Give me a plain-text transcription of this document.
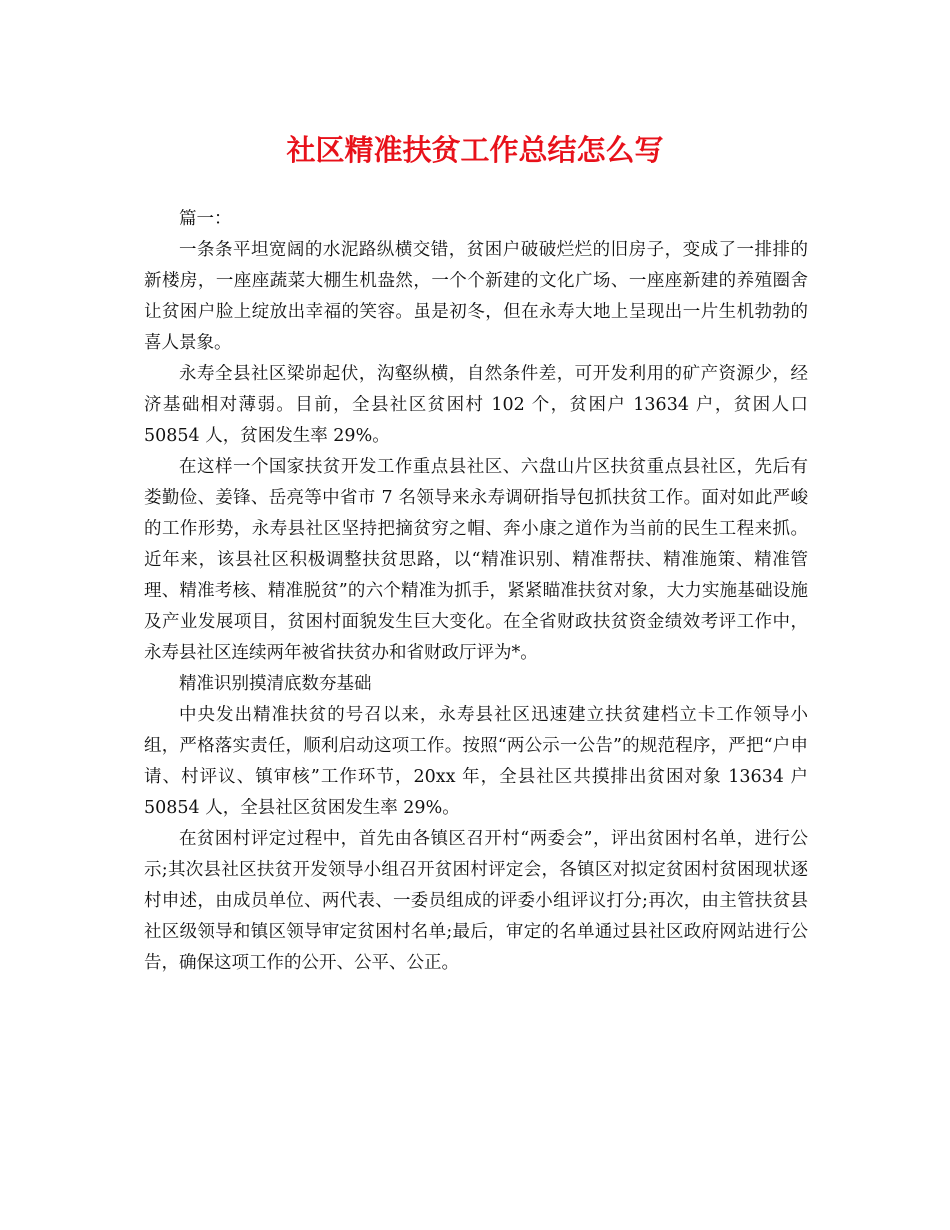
社区精准扶贫工作总结怎么写

篇一：

一条条平坦宽阔的水泥路纵横交错，贫困户破破烂烂的旧房子，变成了一排排的新楼房，一座座蔬菜大棚生机盎然，一个个新建的文化广场、一座座新建的养殖圈舍让贫困户脸上绽放出幸福的笑容。虽是初冬，但在永寿大地上呈现出一片生机勃勃的喜人景象。

永寿全县社区梁峁起伏，沟壑纵横，自然条件差，可开发利用的矿产资源少，经济基础相对薄弱。目前，全县社区贫困村 102 个，贫困户 13634 户，贫困人口 50854 人，贫困发生率 29%。

在这样一个国家扶贫开发工作重点县社区、六盘山片区扶贫重点县社区，先后有娄勤俭、姜锋、岳亮等中省市 7 名领导来永寿调研指导包抓扶贫工作。面对如此严峻的工作形势，永寿县社区坚持把摘贫穷之帽、奔小康之道作为当前的民生工程来抓。近年来，该县社区积极调整扶贫思路，以“精准识别、精准帮扶、精准施策、精准管理、精准考核、精准脱贫”的六个精准为抓手，紧紧瞄准扶贫对象，大力实施基础设施及产业发展项目，贫困村面貌发生巨大变化。在全省财政扶贫资金绩效考评工作中，永寿县社区连续两年被省扶贫办和省财政厅评为*。

精准识别摸清底数夯基础

中央发出精准扶贫的号召以来，永寿县社区迅速建立扶贫建档立卡工作领导小组，严格落实责任，顺利启动这项工作。按照“两公示一公告”的规范程序，严把“户申请、村评议、镇审核”工作环节，20xx 年，全县社区共摸排出贫困对象 13634 户 50854 人，全县社区贫困发生率 29%。

在贫困村评定过程中，首先由各镇区召开村“两委会”，评出贫困村名单，进行公示;其次县社区扶贫开发领导小组召开贫困村评定会，各镇区对拟定贫困村贫困现状逐村申述，由成员单位、两代表、一委员组成的评委小组评议打分;再次，由主管扶贫县社区级领导和镇区领导审定贫困村名单;最后，审定的名单通过县社区政府网站进行公告，确保这项工作的公开、公平、公正。
